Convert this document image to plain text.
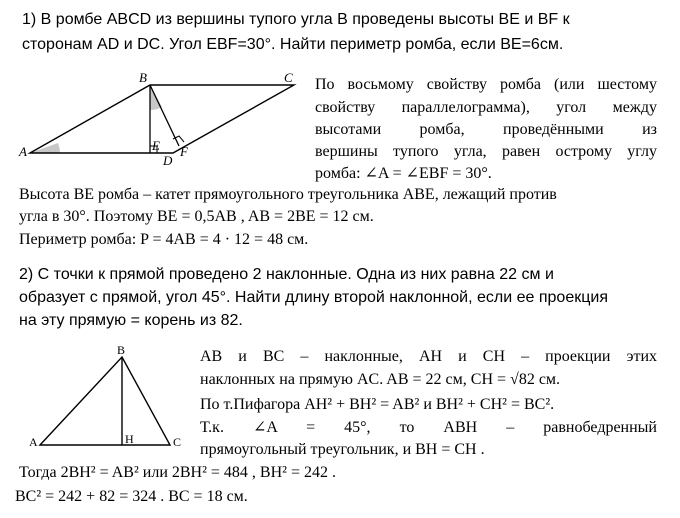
1) В ромбе ABCD из вершины тупого угла B проведены высоты BE и BF к
сторонам AD и DC. Угол EBF=30°. Найти периметр ромба, если BE=6см.
A
B	C
E
D
F
По восьмому свойству ромба (или шестому
свойству параллелограмма), угол между
высотами ромба, проведёнными из
вершины тупого угла, равен острому углу
ромба: ∠A = ∠EBF = 30°.
Высота BE ромба – катет прямоугольного треугольника ABE, лежащий против
угла в 30°. Поэтому BE = 0,5AB , AB = 2BE = 12 см.
Периметр ромба: P = 4AB = 4 · 12 = 48 см.
2) С точки к прямой проведено 2 наклонные. Одна из них равна 22 см и
образует с прямой, угол 45°. Найти длину второй наклонной, если ее проекция
на эту прямую = корень из 82.
A
B
C
H
AB и BC – наклонные, AH и CH – проекции этих
наклонных на прямую AC. AB = 22 см, CH = √82 см.
По т.Пифагора AH² + BH² = AB² и BH² + CH² = BC².
Т.к. ∠A = 45°, то ABH – равнобедренный
прямоугольный треугольник, и BH = CH .
Тогда 2BH² = AB² или 2BH² = 484 , BH² = 242 .
BC² = 242 + 82 = 324 . BC = 18 см.
